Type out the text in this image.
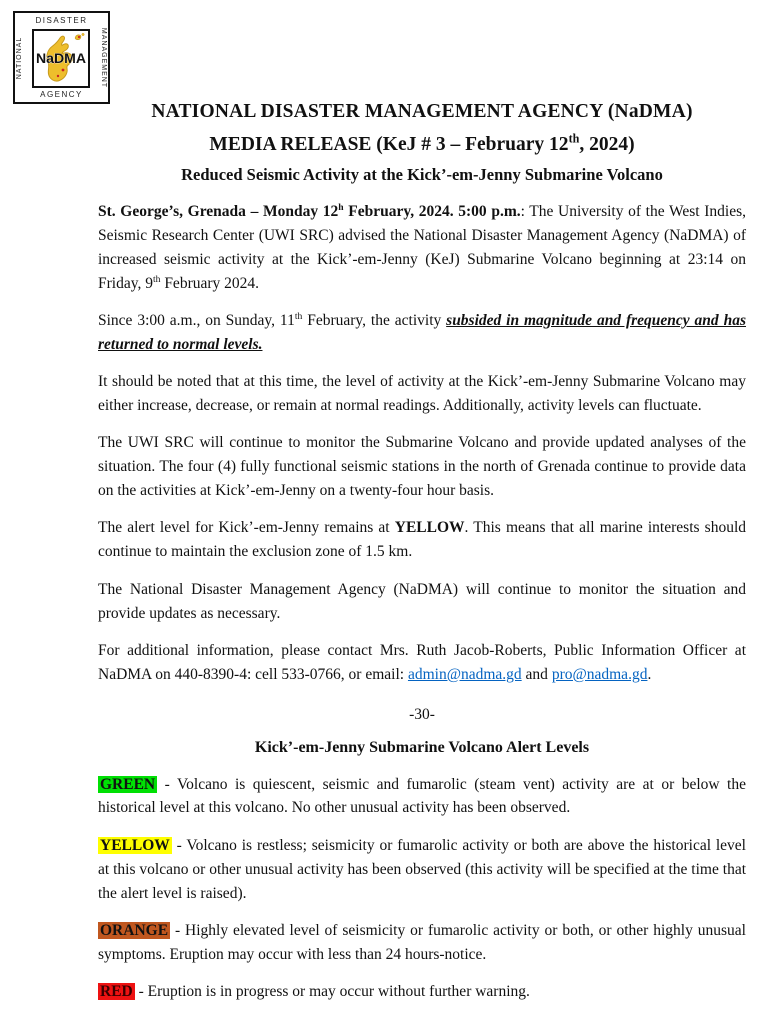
DISASTER
MANAGEMENT
AGENCY
NATIONAL NaDMA
NATIONAL DISASTER MANAGEMENT AGENCY (NaDMA)
MEDIA RELEASE (KeJ # 3 – February 12th, 2024)
Reduced Seismic Activity at the Kick’-em-Jenny Submarine Volcano

St. George’s, Grenada – Monday 12$^h$ February, 2024. 5:00 p.m.: The University of the West Indies, Seismic Research Center (UWI SRC) advised the National Disaster Management Agency (NaDMA) of increased seismic activity at the Kick’-em-Jenny (KeJ) Submarine Volcano beginning at 23:14 on Friday, 9th February 2024.

Since 3:00 a.m., on Sunday, 11th February, the activity subsided in magnitude and frequency and has returned to normal levels.

It should be noted that at this time, the level of activity at the Kick’-em-Jenny Submarine Volcano may either increase, decrease, or remain at normal readings. Additionally, activity levels can fluctuate.

The UWI SRC will continue to monitor the Submarine Volcano and provide updated analyses of the situation. The four (4) fully functional seismic stations in the north of Grenada continue to provide data on the activities at Kick’-em-Jenny on a twenty-four hour basis.

The alert level for Kick’-em-Jenny remains at YELLOW. This means that all marine interests should continue to maintain the exclusion zone of 1.5 km.

The National Disaster Management Agency (NaDMA) will continue to monitor the situation and provide updates as necessary.

For additional information, please contact Mrs. Ruth Jacob-Roberts, Public Information Officer at NaDMA on 440-8390-4: cell 533-0766, or email: admin@nadma.gd and pro@nadma.gd.

-30-
Kick’-em-Jenny Submarine Volcano Alert Levels

GREEN - Volcano is quiescent, seismic and fumarolic (steam vent) activity are at or below the historical level at this volcano. No other unusual activity has been observed.

YELLOW - Volcano is restless; seismicity or fumarolic activity or both are above the historical level at this volcano or other unusual activity has been observed (this activity will be specified at the time that the alert level is raised).

ORANGE - Highly elevated level of seismicity or fumarolic activity or both, or other highly unusual symptoms. Eruption may occur with less than 24 hours-notice.

RED - Eruption is in progress or may occur without further warning.
